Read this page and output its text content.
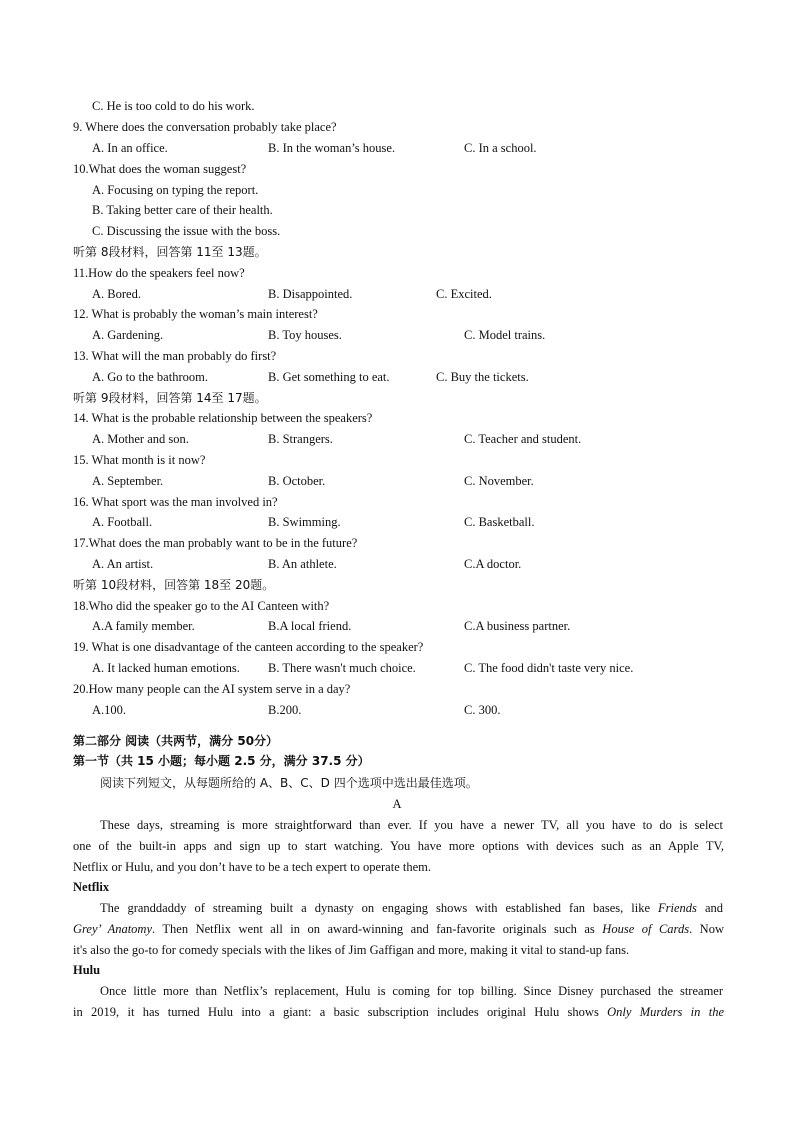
C. He is too cold to do his work.
9. Where does the conversation probably take place?
A. In an office.	B. In the woman’s house.	C. In a school.
10.What does the woman suggest?
A. Focusing on typing the report.
B. Taking better care of their health.
C. Discussing the issue with the boss.
听第 8段材料，回答第 11至 13题。
11.How do the speakers feel now?
A. Bored.	B. Disappointed.	C. Excited.
12. What is probably the woman’s main interest?
A. Gardening.	B. Toy houses.	C. Model trains.
13. What will the man probably do first?
A. Go to the bathroom.	B. Get something to eat.	C. Buy the tickets.
听第 9段材料，回答第 14至 17题。
14. What is the probable relationship between the speakers?
A. Mother and son.	B. Strangers.	C. Teacher and student.
15. What month is it now?
A. September.	B. October.	C. November.
16. What sport was the man involved in?
A. Football.	B. Swimming.	C. Basketball.
17.What does the man probably want to be in the future?
A. An artist.	B. An athlete.	C.A doctor.
听第 10段材料，回答第 18至 20题。
18.Who did the speaker go to the AI Canteen with?
A.A family member.	B.A local friend.	C.A business partner.
19. What is one disadvantage of the canteen according to the speaker?
A. It lacked human emotions. B. There wasn't much choice.	C. The food didn't taste very nice.
20.How many people can the AI system serve in a day?
A.100.	B.200.	C. 300.
第二部分 阅读（共两节，满分 50分）
第一节（共 15 小题；每小题 2.5 分，满分 37.5 分）
阅读下列短文，从每题所给的 A、B、C、D 四个选项中选出最佳选项。
A
These days, streaming is more straightforward than ever. If you have a newer TV, all you have to do is select
one of the built-in apps and sign up to start watching. You have more options with devices such as an Apple TV,
Netflix or Hulu, and you don’t have to be a tech expert to operate them.
Netflix
The granddaddy of streaming built a dynasty on engaging shows with established fan bases, like Friends and
Grey’ Anatomy. Then Netflix went all in on award-winning and fan-favorite originals such as House of Cards. Now
it's also the go-to for comedy specials with the likes of Jim Gaffigan and more, making it vital to stand-up fans.
Hulu
Once little more than Netflix’s replacement, Hulu is coming for top billing. Since Disney purchased the streamer
in 2019, it has turned Hulu into a giant: a basic subscription includes original Hulu shows Only Murders in the
